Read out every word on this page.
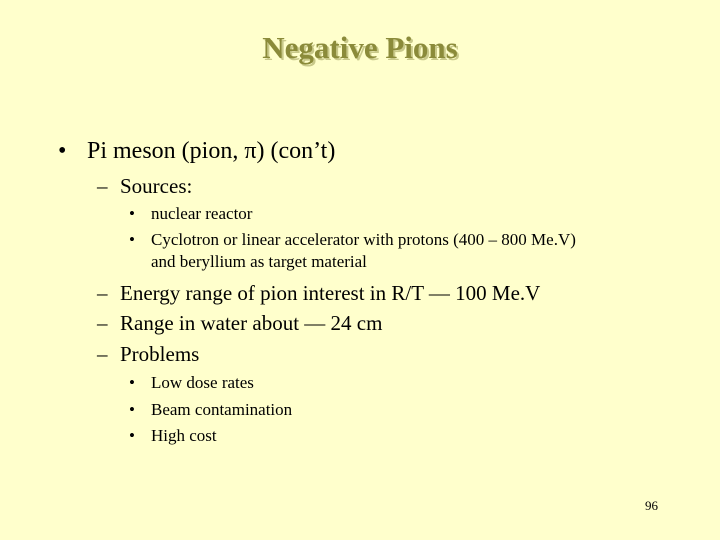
Negative Pions
• Pi meson (pion, π) (con’t)
– Sources:
• nuclear reactor
• Cyclotron or linear accelerator with protons (400 – 800 Me.V)
and beryllium as target material
– Energy range of pion interest in R/T — 100 Me.V
– Range in water about — 24 cm
– Problems
• Low dose rates
• Beam contamination
• High cost
96
